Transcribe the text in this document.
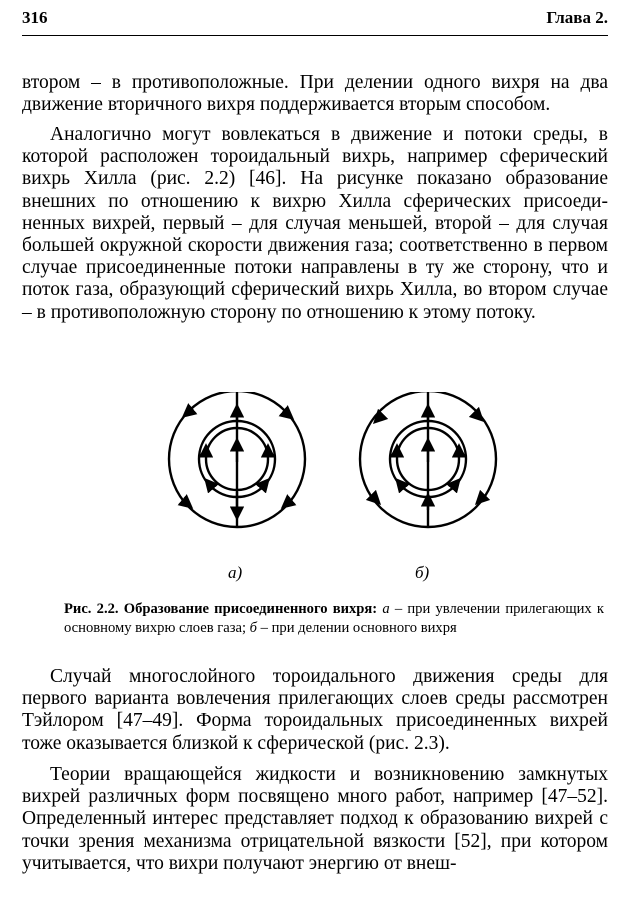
316	Глава 2.

втором – в противоположные. При делении одного вихря на два движение вторичного вихря поддерживается вторым способом.

Аналогично могут вовлекаться в движение и потоки среды, в которой расположен тороидальный вихрь, например сферический вихрь Хилла (рис. 2.2) [46]. На рисунке показано образование внешних по отношению к вихрю Хилла сферических присоединенных вихрей, первый – для случая меньшей, второй – для случая большей окружной скорости движения газа; соответственно в первом случае присоединенные потоки направлены в ту же сторону, что и поток газа, образующий сферический вихрь Хилла, во втором случае – в противоположную сторону по отношению к этому потоку.

а)	б)

Рис. 2.2. Образование присоединенного вихря: а – при увлечении прилегающих к основному вихрю слоев газа; б – при делении основного вихря

Случай многослойного тороидального движения среды для первого варианта вовлечения прилегающих слоев среды рассмотрен Тэйлором [47–49]. Форма тороидальных присоединенных вихрей тоже оказывается близкой к сферической (рис. 2.3).

Теории вращающейся жидкости и возникновению замкнутых вихрей различных форм посвящено много работ, например [47–52]. Определенный интерес представляет подход к образованию вихрей с точки зрения механизма отрицательной вязкости [52], при котором учитывается, что вихри получают энергию от внеш-
